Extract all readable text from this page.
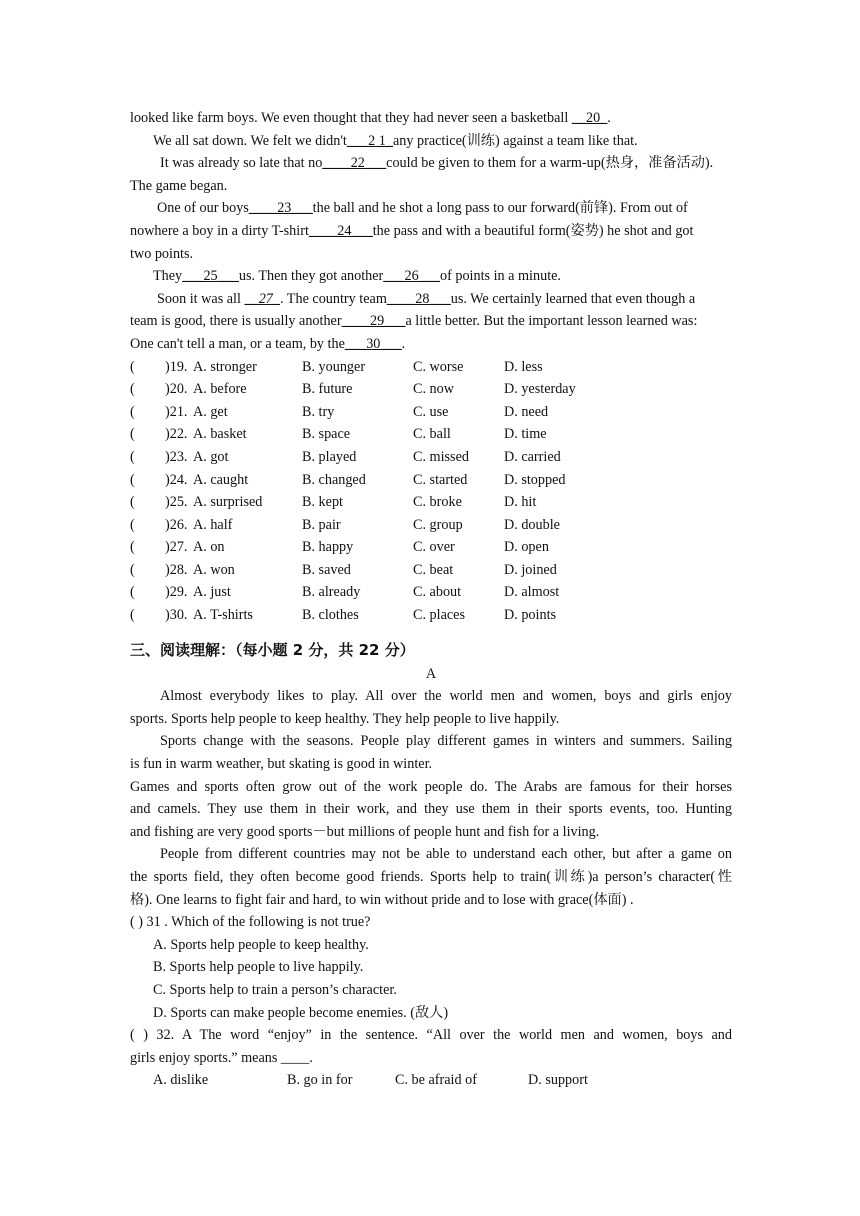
looked like farm boys. We even thought that they had never seen a basketball __20_.
We all sat down. We felt we didn't___2 1_any practice(训练) against a team like that.
It was already so late that no____22___could be given to them for a warm-up(热身，准备活动).
The game began.
One of our boys____23___the ball and he shot a long pass to our forward(前锋). From out of
nowhere a boy in a dirty T-shirt____24___the pass and with a beautiful form(姿势) he shot and got
two points.
They___25___us. Then they got another___26___of points in a minute.
Soon it was all __27_. The country team____28___us. We certainly learned that even though a
team is good, there is usually another____29___a little better. But the important lesson learned was:
One can't tell a man, or a team, by the___30___.
( )19. A. stronger	B. younger	C. worse	D. less
( )20. A. before	B. future	C. now	D. yesterday
( )21. A. get	B. try	C. use	D. need
( )22. A. basket	B. space	C. ball	D. time
( )23. A. got	B. played	C. missed D. carried
( )24. A. caught	B. changed	C. started	D. stopped
( )25. A. surprised	B. kept	C. broke	D. hit
( )26. A. half	B. pair	C. group	D. double
( )27. A. on	B. happy	C. over	D. open
( )28. A. won	B. saved	C. beat	D. joined
( )29. A. just	B. already	C. about	D. almost
( )30. A. T-shirts	B. clothes	C. places	D. points
三、阅读理解：（每小题 2 分，共 22 分）
A
Almost everybody likes to play. All over the world men and women, boys and girls enjoy
sports. Sports help people to keep healthy. They help people to live happily.
Sports change with the seasons. People play different games in winters and summers. Sailing
is fun in warm weather, but skating is good in winter.
Games and sports often grow out of the work people do. The Arabs are famous for their horses
and camels. They use them in their work, and they use them in their sports events, too. Hunting
and fishing are very good sports－but millions of people hunt and fish for a living.
People from different countries may not be able to understand each other, but after a game on
the sports field, they often become good friends. Sports help to train(训练)a person’s character(性
格). One learns to fight fair and hard, to win without pride and to lose with grace(体面) .
( ) 31 . Which of the following is not true?
A. Sports help people to keep healthy.
B. Sports help people to live happily.
C. Sports help to train a person’s character.
D. Sports can make people become enemies. (敌人)
( ) 32. A The word “enjoy” in the sentence. “All over the world men and women, boys and
girls enjoy sports.” means ____.
A. dislike	B. go in for	C. be afraid of	D. support
